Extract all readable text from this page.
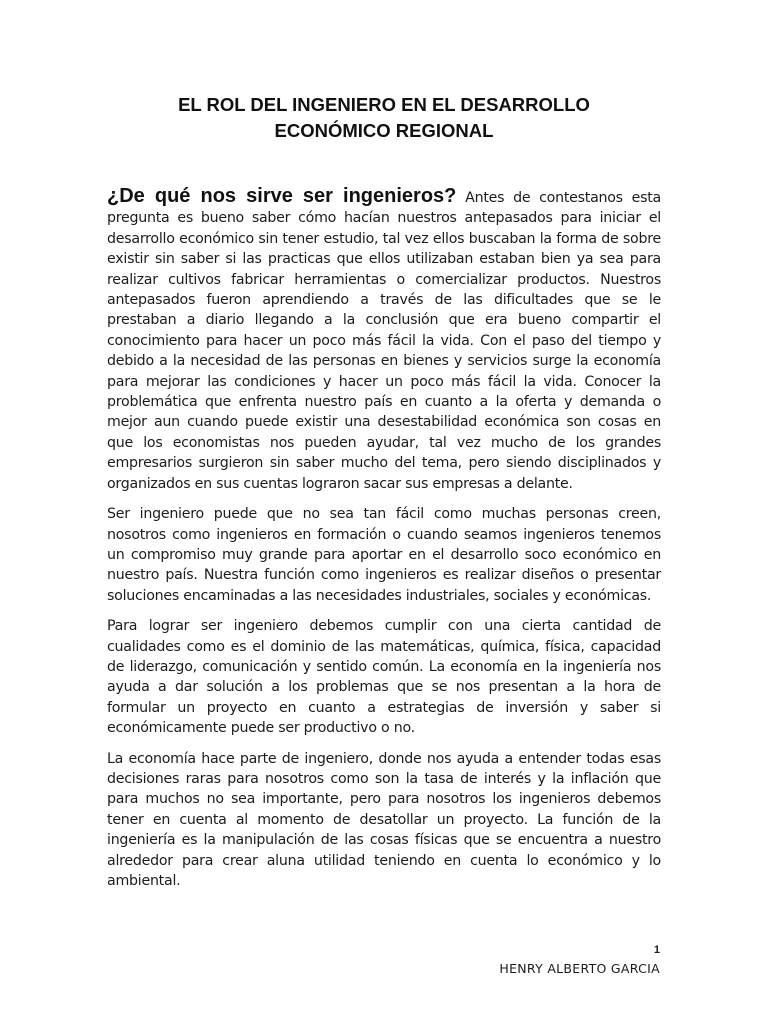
EL ROL DEL INGENIERO EN EL DESARROLLO
ECONÓMICO REGIONAL

¿De qué nos sirve ser ingenieros? Antes de contestanos esta pregunta es bueno saber cómo hacían nuestros antepasados para iniciar el desarrollo económico sin tener estudio, tal vez ellos buscaban la forma de sobre existir sin saber si las practicas que ellos utilizaban estaban bien ya sea para realizar cultivos fabricar herramientas o comercializar productos. Nuestros antepasados fueron aprendiendo a través de las dificultades que se le prestaban a diario llegando a la conclusión que era bueno compartir el conocimiento para hacer un poco más fácil la vida. Con el paso del tiempo y debido a la necesidad de las personas en bienes y servicios surge la economía para mejorar las condiciones y hacer un poco más fácil la vida. Conocer la problemática que enfrenta nuestro país en cuanto a la oferta y demanda o mejor aun cuando puede existir una desestabilidad económica son cosas en que los economistas nos pueden ayudar, tal vez mucho de los grandes empresarios surgieron sin saber mucho del tema, pero siendo disciplinados y organizados en sus cuentas lograron sacar sus empresas a delante.

Ser ingeniero puede que no sea tan fácil como muchas personas creen, nosotros como ingenieros en formación o cuando seamos ingenieros tenemos un compromiso muy grande para aportar en el desarrollo soco económico en nuestro país. Nuestra función como ingenieros es realizar diseños o presentar soluciones encaminadas a las necesidades industriales, sociales y económicas.

Para lograr ser ingeniero debemos cumplir con una cierta cantidad de cualidades como es el dominio de las matemáticas, química, física, capacidad de liderazgo, comunicación y sentido común. La economía en la ingeniería nos ayuda a dar solución a los problemas que se nos presentan a la hora de formular un proyecto en cuanto a estrategias de inversión y saber si económicamente puede ser productivo o no.

La economía hace parte de ingeniero, donde nos ayuda a entender todas esas decisiones raras para nosotros como son la tasa de interés y la inflación que para muchos no sea importante, pero para nosotros los ingenieros debemos tener en cuenta al momento de desatollar un proyecto. La función de la ingeniería es la manipulación de las cosas físicas que se encuentra a nuestro alrededor para crear aluna utilidad teniendo en cuenta lo económico y lo ambiental.

1
HENRY ALBERTO GARCIA
